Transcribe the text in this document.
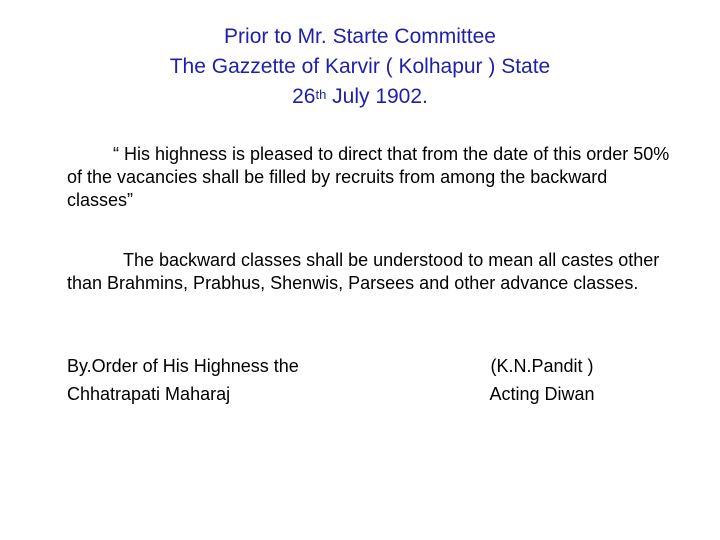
Prior to Mr. Starte Committee
The Gazzette of Karvir ( Kolhapur ) State
26th July 1902.

“ His highness is pleased to direct that from the date of this order 50% of the vacancies shall be filled by recruits from among the backward classes”

The backward classes shall be understood to mean all castes other than Brahmins, Prabhus, Shenwis, Parsees and other advance classes.

By.Order of His Highness the
Chhatrapati Maharaj
(K.N.Pandit )
Acting Diwan
